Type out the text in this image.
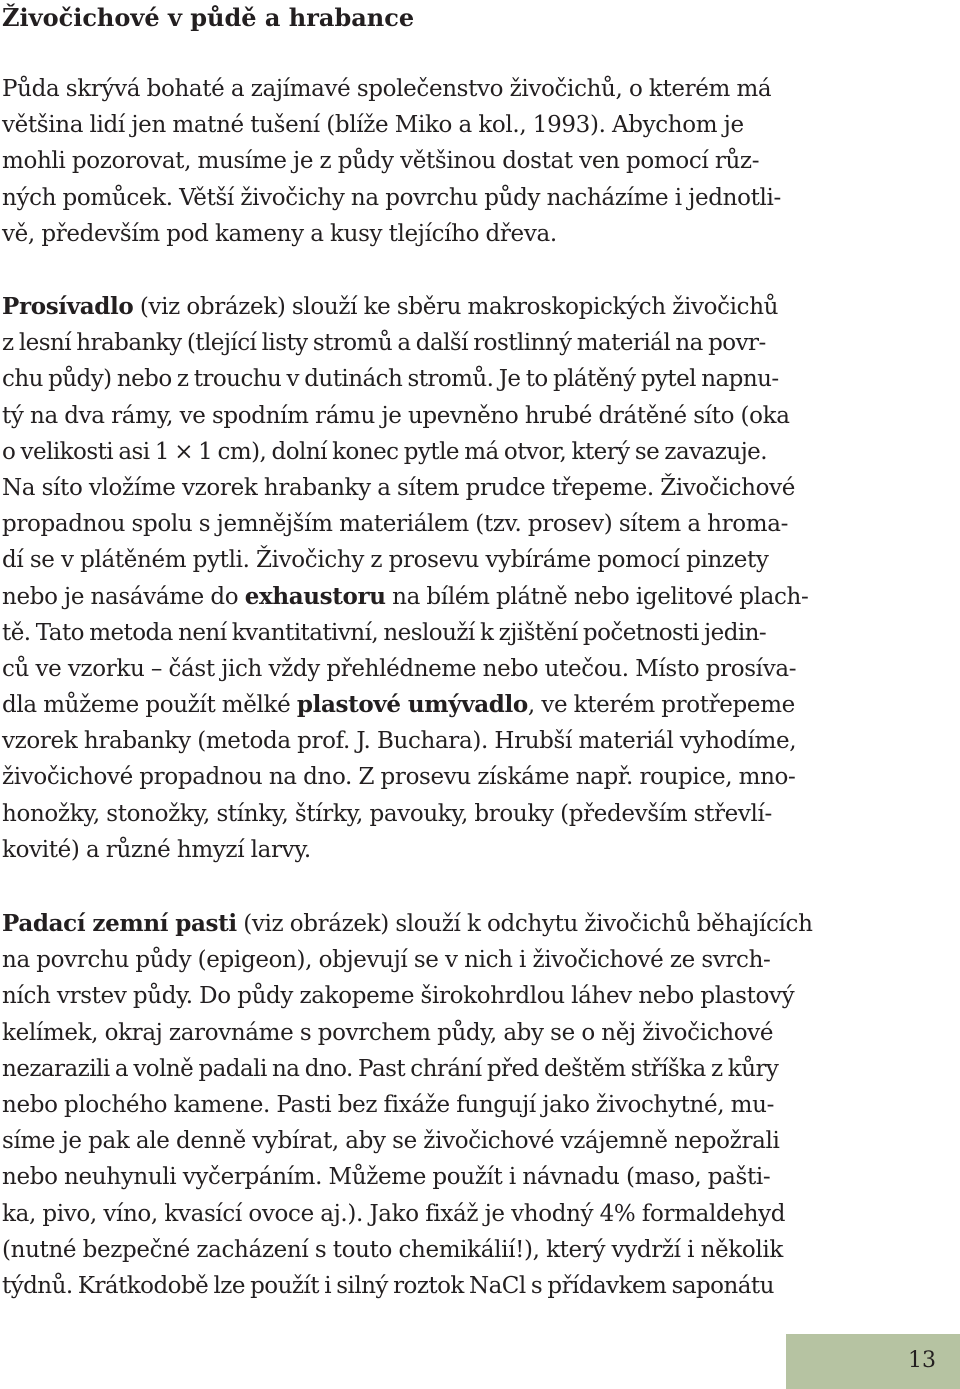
Živočichové v půdě a hrabance
Půda skrývá bohaté a zajímavé společenstvo živočichů, o kterém má
většina lidí jen matné tušení (blíže Miko a kol., 1993). Abychom je
mohli pozorovat, musíme je z půdy většinou dostat ven pomocí růz-
ných pomůcek. Větší živočichy na povrchu půdy nacházíme i jednotli-
vě, především pod kameny a kusy tlejícího dřeva.
Prosívadlo (viz obrázek) slouží ke sběru makroskopických živočichů
z lesní hrabanky (tlející listy stromů a další rostlinný materiál na povr-
chu půdy) nebo z trouchu v dutinách stromů. Je to plátěný pytel napnu-
tý na dva rámy, ve spodním rámu je upevněno hrubé drátěné síto (oka
o velikosti asi 1 × 1 cm), dolní konec pytle má otvor, který se zavazuje.
Na síto vložíme vzorek hrabanky a sítem prudce třepeme. Živočichové
propadnou spolu s jemnějším materiálem (tzv. prosev) sítem a hroma-
dí se v plátěném pytli. Živočichy z prosevu vybíráme pomocí pinzety
nebo je nasáváme do exhaustoru na bílém plátně nebo igelitové plach-
tě. Tato metoda není kvantitativní, neslouží k zjištění početnosti jedin-
ců ve vzorku – část jich vždy přehlédneme nebo utečou. Místo prosíva-
dla můžeme použít mělké plastové umývadlo, ve kterém protřepeme
vzorek hrabanky (metoda prof. J. Buchara). Hrubší materiál vyhodíme,
živočichové propadnou na dno. Z prosevu získáme např. roupice, mno-
honožky, stonožky, stínky, štírky, pavouky, brouky (především střevlí-
kovité) a různé hmyzí larvy.
Padací zemní pasti (viz obrázek) slouží k odchytu živočichů běhajících
na povrchu půdy (epigeon), objevují se v nich i živočichové ze svrch-
ních vrstev půdy. Do půdy zakopeme širokohrdlou láhev nebo plastový
kelímek, okraj zarovnáme s povrchem půdy, aby se o něj živočichové
nezarazili a volně padali na dno. Past chrání před deštěm stříška z kůry
nebo plochého kamene. Pasti bez fixáže fungují jako živochytné, mu-
síme je pak ale denně vybírat, aby se živočichové vzájemně nepožrali
nebo neuhynuli vyčerpáním. Můžeme použít i návnadu (maso, pašti-
ka, pivo, víno, kvasící ovoce aj.). Jako fixáž je vhodný 4% formaldehyd
(nutné bezpečné zacházení s touto chemikálií!), který vydrží i několik
týdnů. Krátkodobě lze použít i silný roztok NaCl s přídavkem saponátu
13
